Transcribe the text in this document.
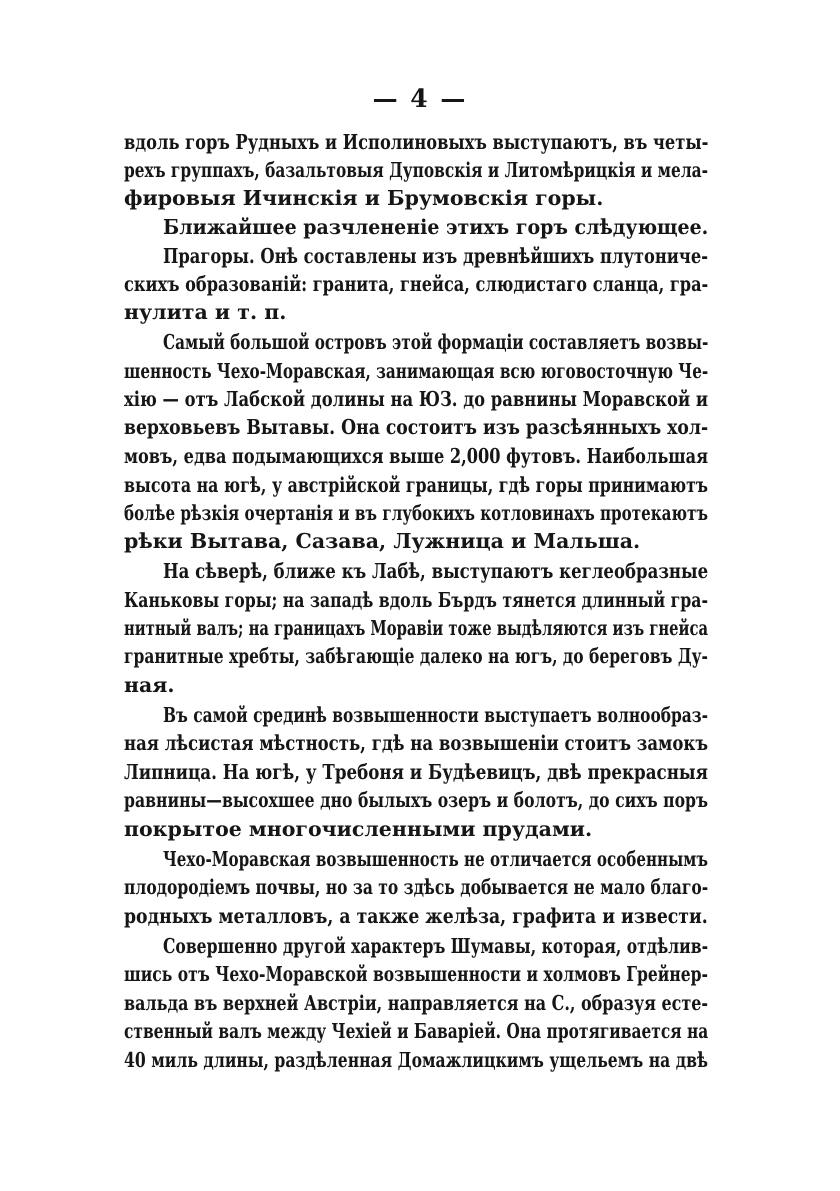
— 4 —
вдоль горъ Рудныхъ и Исполиновыхъ выступаютъ, въ четы-
рехъ группахъ, базальтовыя Дуповскія и Литомѣрицкія и мела-
фировыя Ичинскія и Брумовскія горы.
Ближайшее разчлененіе этихъ горъ слѣдующее.
Прагоры. Онѣ составлены изъ древнѣйшихъ плутониче-
скихъ образованій: гранита, гнейса, слюдистаго сланца, гра-
нулита и т. п.
Самый большой островъ этой формаціи составляетъ возвы-
шенность Чехо-Моравская, занимающая всю юговосточную Че-
хію — отъ Лабской долины на ЮЗ. до равнины Моравской и
верховьевъ Вытавы. Она состоитъ изъ разсѣянныхъ хол-
мовъ, едва подымающихся выше 2,000 футовъ. Наибольшая
высота на югѣ, у австрійской границы, гдѣ горы принимаютъ
болѣе рѣзкія очертанія и въ глубокихъ котловинахъ протекаютъ
рѣки Вытава, Сазава, Лужница и Мальша.
На сѣверѣ, ближе къ Лабѣ, выступаютъ кеглеобразные
Каньковы горы; на западѣ вдоль Бърдъ тянется длинный гра-
нитный валъ; на границахъ Моравіи тоже выдѣляются изъ гнейса
гранитные хребты, забѣгающіе далеко на югъ, до береговъ Ду-
ная.
Въ самой срединѣ возвышенности выступаетъ волнообраз-
ная лѣсистая мѣстность, гдѣ на возвышеніи стоитъ замокъ
Липница. На югѣ, у Требоня и Будѣевицъ, двѣ прекрасныя
равнины—высохшее дно былыхъ озеръ и болотъ, до сихъ поръ
покрытое многочисленными прудами.
Чехо-Моравская возвышенность не отличается особеннымъ
плодородіемъ почвы, но за то здѣсь добывается не мало благо-
родныхъ металловъ, а также желѣза, графита и извести.
Совершенно другой характеръ Шумавы, которая, отдѣлив-
шись отъ Чехо-Моравской возвышенности и холмовъ Грейнер-
вальда въ верхней Австріи, направляется на С., образуя есте-
ственный валъ между Чехіей и Баваріей. Она протягивается на
40 миль длины, раздѣленная Домажлицкимъ ущельемъ на двѣ
